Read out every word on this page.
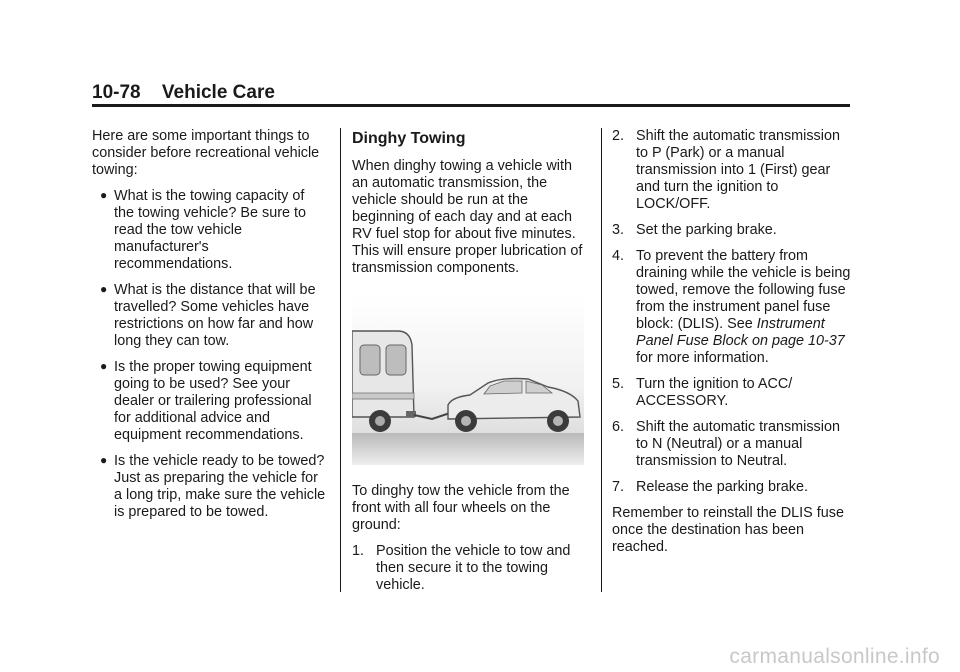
10-78 Vehicle Care

Here are some important things to consider before recreational vehicle towing:

● What is the towing capacity of the towing vehicle? Be sure to read the tow vehicle manufacturer's recommendations.
● What is the distance that will be travelled? Some vehicles have restrictions on how far and how long they can tow.
● Is the proper towing equipment going to be used? See your dealer or trailering professional for additional advice and equipment recommendations.
● Is the vehicle ready to be towed? Just as preparing the vehicle for a long trip, make sure the vehicle is prepared to be towed.
Dinghy Towing

When dinghy towing a vehicle with an automatic transmission, the vehicle should be run at the beginning of each day and at each RV fuel stop for about five minutes. This will ensure proper lubrication of transmission components.

To dinghy tow the vehicle from the front with all four wheels on the ground:

1. Position the vehicle to tow and then secure it to the towing vehicle.
2. Shift the automatic transmission to P (Park) or a manual transmission into 1 (First) gear and turn the ignition to LOCK/OFF.
3. Set the parking brake.
4. To prevent the battery from draining while the vehicle is being towed, remove the following fuse from the instrument panel fuse block: (DLIS). See Instrument Panel Fuse Block on page 10-37 for more information.
5. Turn the ignition to ACC/ ACCESSORY.
6. Shift the automatic transmission to N (Neutral) or a manual transmission to Neutral.
7. Release the parking brake.

Remember to reinstall the DLIS fuse once the destination has been reached.

carmanualsonline.info
